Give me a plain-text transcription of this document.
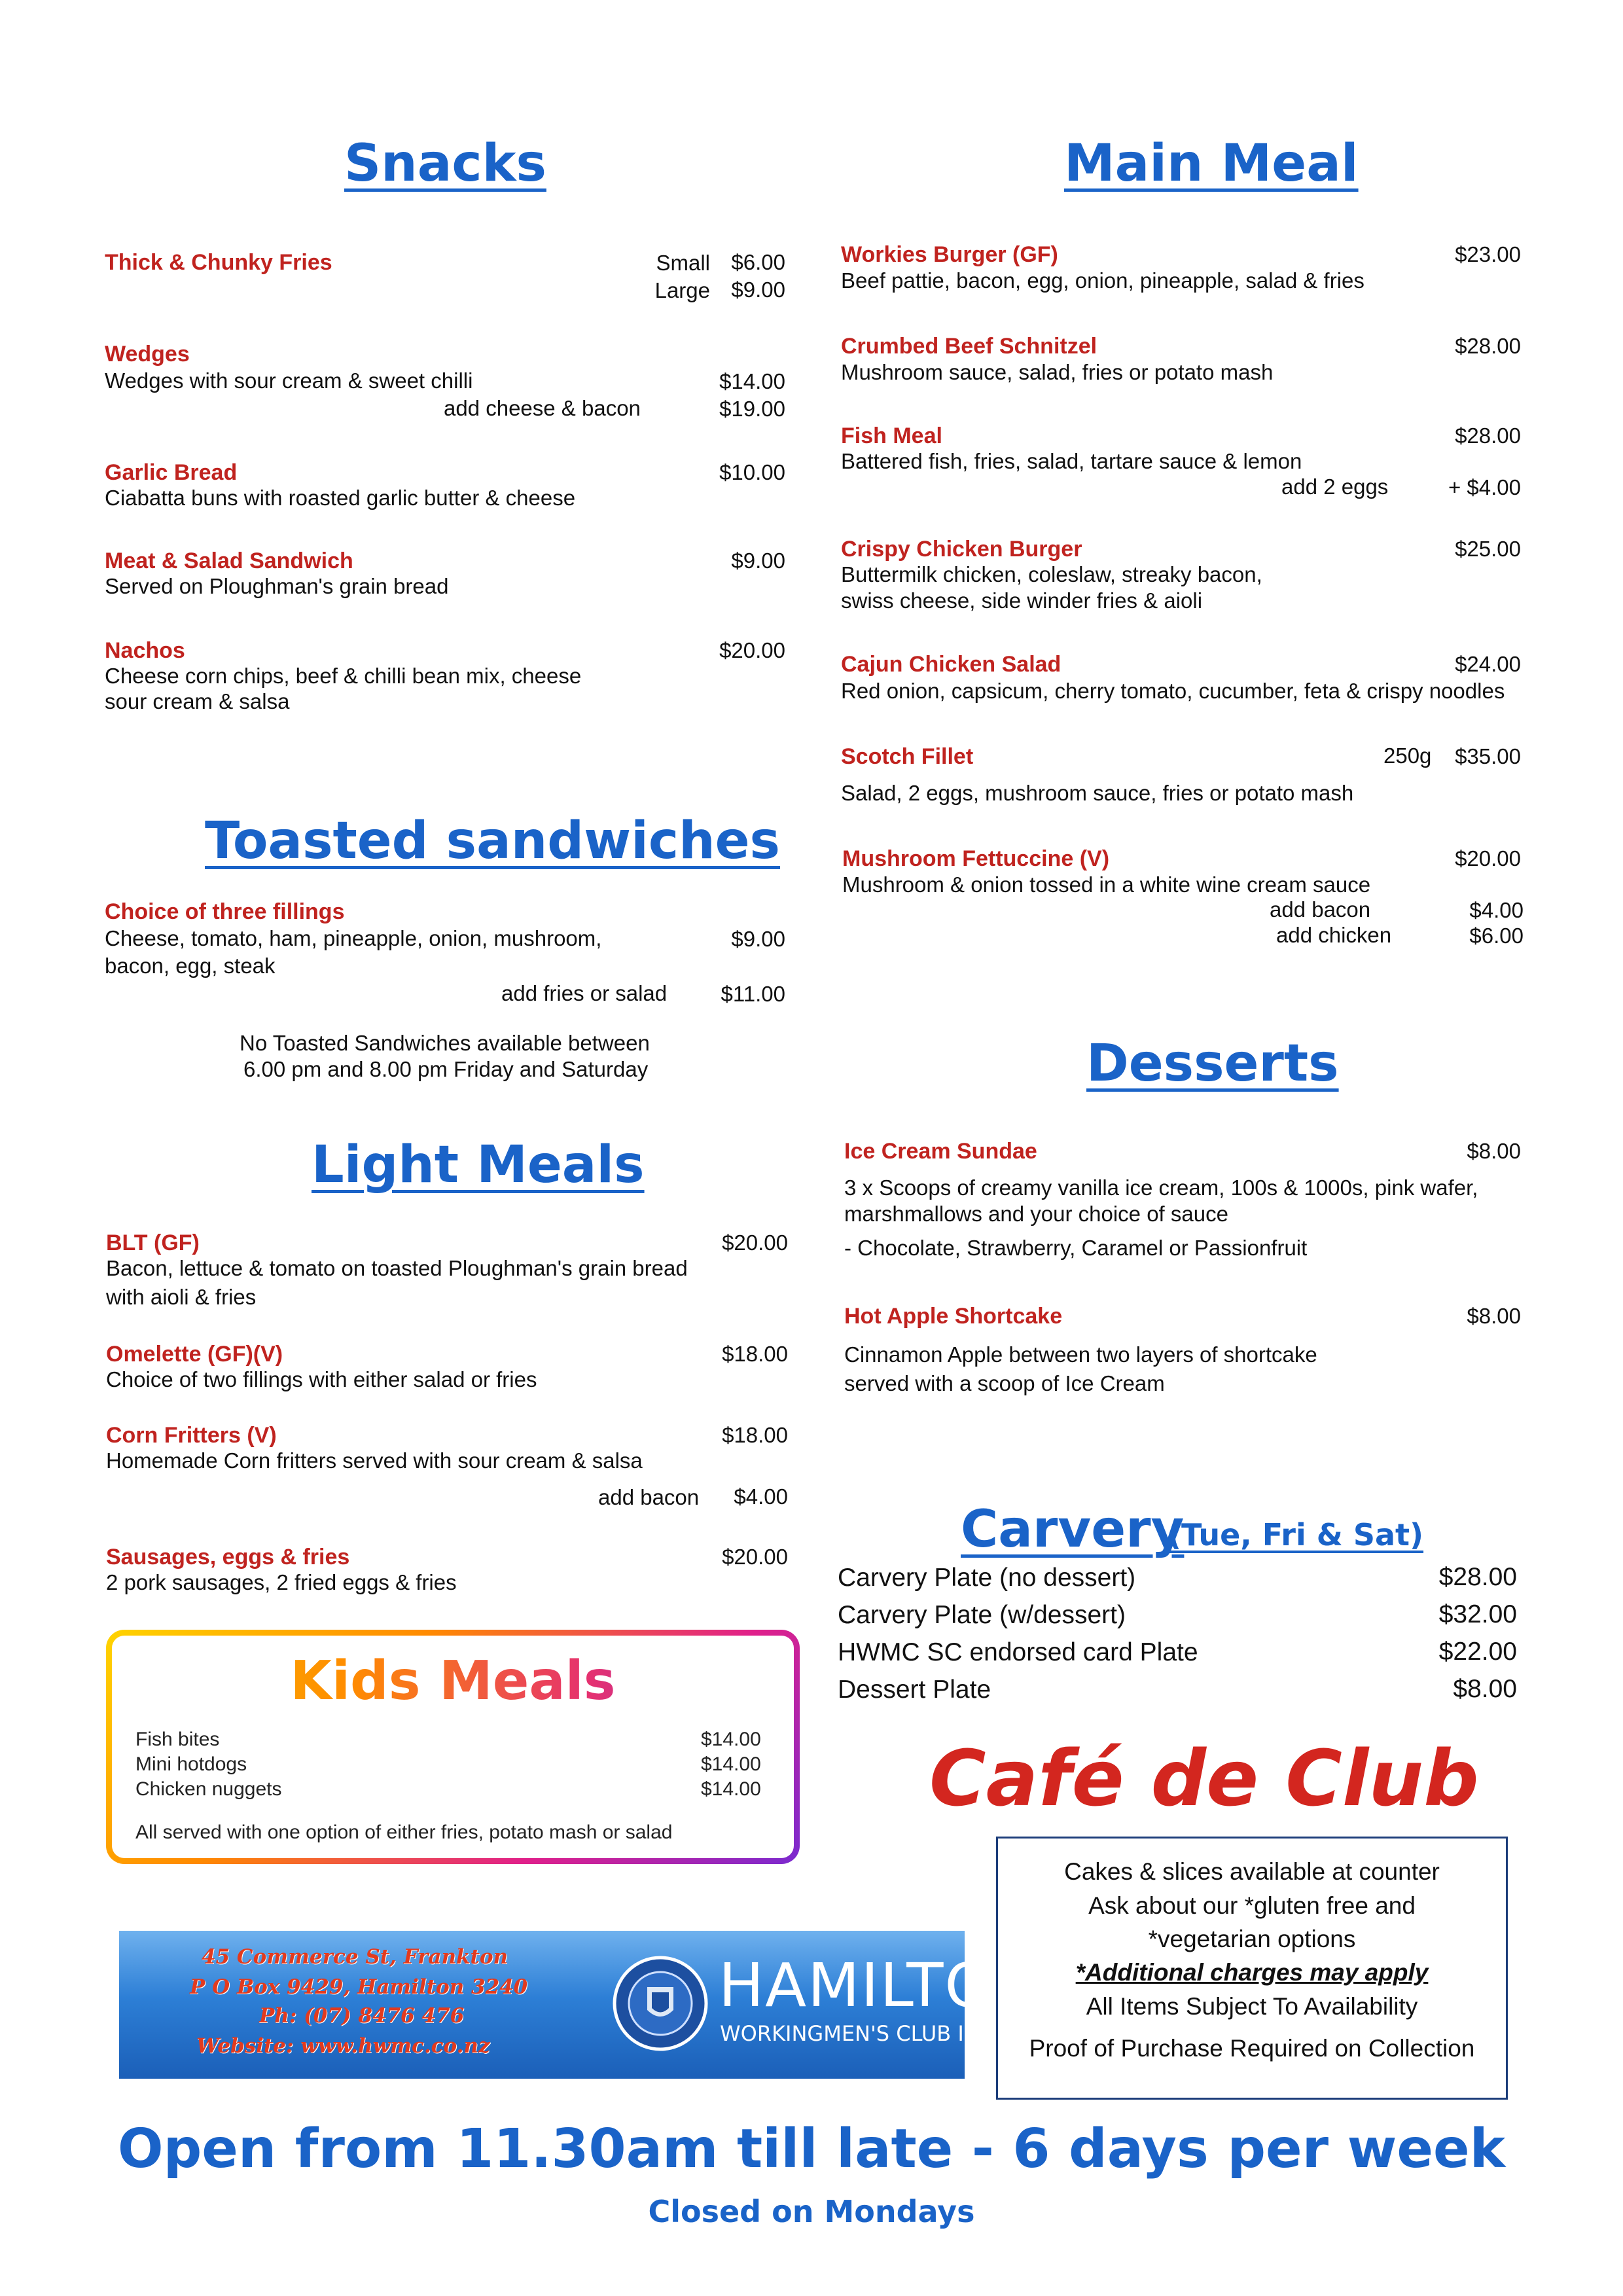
Snacks
Thick & Chunky Fries	Small $6.00
Large $9.00
Wedges
Wedges with sour cream & sweet chilli	$14.00
add cheese & bacon	$19.00
Garlic Bread	$10.00
Ciabatta buns with roasted garlic butter & cheese
Meat & Salad Sandwich	$9.00
Served on Ploughman's grain bread
Nachos	$20.00
Cheese corn chips, beef & chilli bean mix, cheese
sour cream & salsa
Toasted sandwiches
Choice of three fillings
Cheese, tomato, ham, pineapple, onion, mushroom,	$9.00
bacon, egg, steak
add fries or salad	$11.00
No Toasted Sandwiches available between
6.00 pm and 8.00 pm Friday and Saturday
Light Meals
BLT (GF)	$20.00
Bacon, lettuce & tomato on toasted Ploughman's grain bread
with aioli & fries
Omelette (GF)(V)	$18.00
Choice of two fillings with either salad or fries
Corn Fritters (V)	$18.00
Homemade Corn fritters served with sour cream & salsa
add bacon	$4.00
Sausages, eggs & fries	$20.00
2 pork sausages, 2 fried eggs & fries
Kids Meals
Fish bites	$14.00
Mini hotdogs	$14.00
Chicken nuggets	$14.00
All served with one option of either fries, potato mash or salad
45 Commerce St, Frankton
P O Box 9429, Hamilton 3240
Ph: (07) 8476 476
Website: www.hwmc.co.nz
HAMILTON
WORKINGMEN'S CLUB INC.
Main Meal
Workies Burger (GF)	$23.00
Beef pattie, bacon, egg, onion, pineapple, salad & fries
Crumbed Beef Schnitzel	$28.00
Mushroom sauce, salad, fries or potato mash
Fish Meal	$28.00
Battered fish, fries, salad, tartare sauce & lemon
add 2 eggs	+ $4.00
Crispy Chicken Burger	$25.00
Buttermilk chicken, coleslaw, streaky bacon,
swiss cheese, side winder fries & aioli
Cajun Chicken Salad	$24.00
Red onion, capsicum, cherry tomato, cucumber, feta & crispy noodles
Scotch Fillet	250g	$35.00
Salad, 2 eggs, mushroom sauce, fries or potato mash
Mushroom Fettuccine (V)	$20.00
Mushroom & onion tossed in a white wine cream sauce
add bacon	$4.00
add chicken	$6.00
Desserts
Ice Cream Sundae	$8.00
3 x Scoops of creamy vanilla ice cream, 100s & 1000s, pink wafer,
marshmallows and your choice of sauce
- Chocolate, Strawberry, Caramel or Passionfruit
Hot Apple Shortcake	$8.00
Cinnamon Apple between two layers of shortcake
served with a scoop of Ice Cream
Carvery
(Tue, Fri & Sat)
Carvery Plate (no dessert)	$28.00
Carvery Plate (w/dessert)	$32.00
HWMC SC endorsed card Plate	$22.00
Dessert Plate	$8.00
Café de Club
Cakes & slices available at counter
Ask about our *gluten free and
*vegetarian options
*Additional charges may apply
All Items Subject To Availability
Proof of Purchase Required on Collection
Open from 11.30am till late - 6 days per week
Closed on Mondays
